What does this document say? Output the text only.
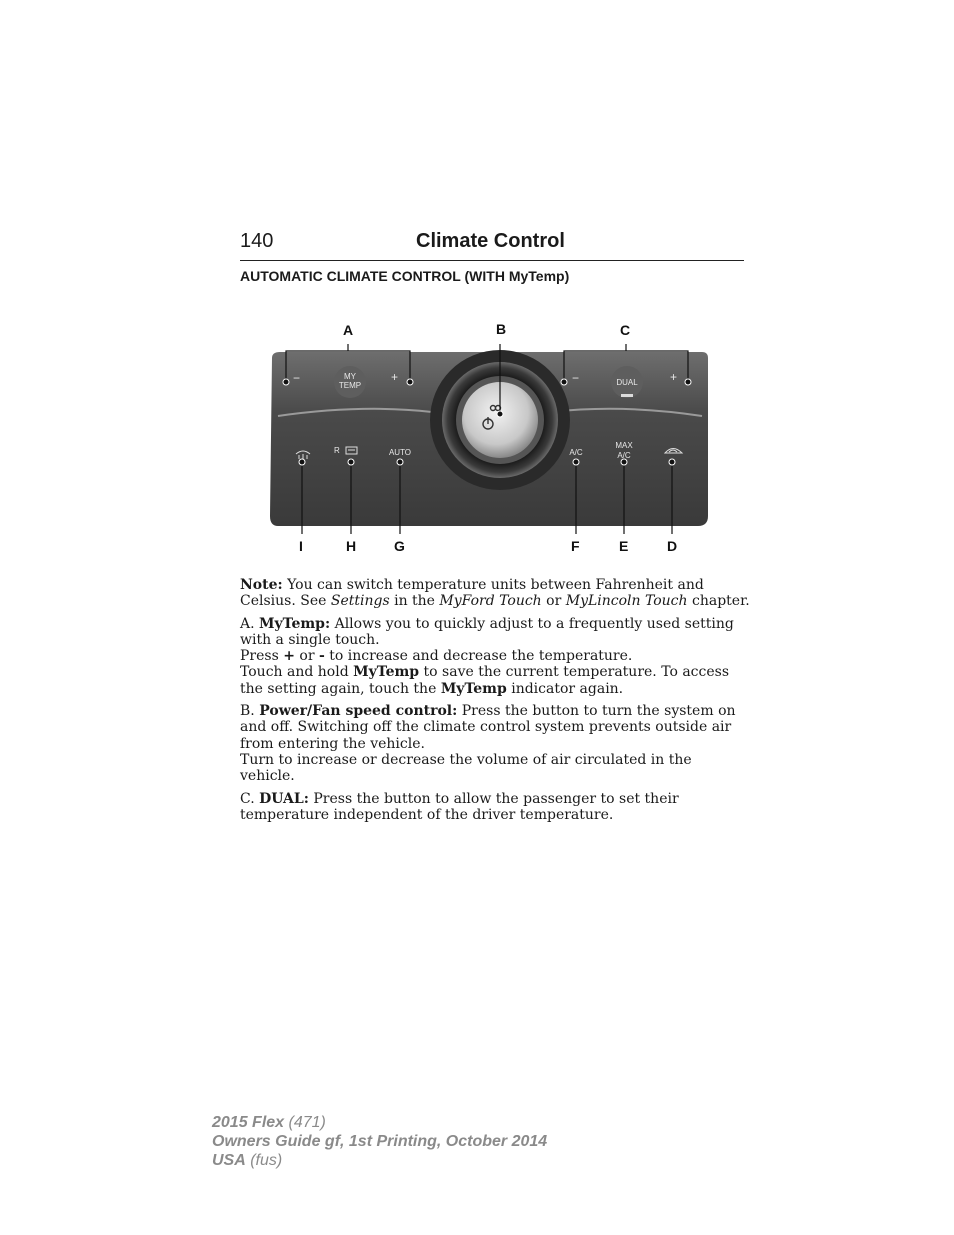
140	Climate Control
AUTOMATIC CLIMATE CONTROL (WITH MyTemp)
−	MY
TEMP
+	−	DUAL	+
R	AUTO	A/C
MAX
A/C
A	B	C
D
E
F
G
H
I

Note: You can switch temperature units between Fahrenheit and Celsius. See Settings in the MyFord Touch or MyLincoln Touch chapter.

A. MyTemp: Allows you to quickly adjust to a frequently used setting with a single touch.
Press + or - to increase and decrease the temperature.
Touch and hold MyTemp to save the current temperature. To access the setting again, touch the MyTemp indicator again.

B. Power/Fan speed control: Press the button to turn the system on and off. Switching off the climate control system prevents outside air from entering the vehicle.
Turn to increase or decrease the volume of air circulated in the vehicle.

C. DUAL: Press the button to allow the passenger to set their temperature independent of the driver temperature.

2015 Flex (471)
Owners Guide gf, 1st Printing, October 2014
USA (fus)
